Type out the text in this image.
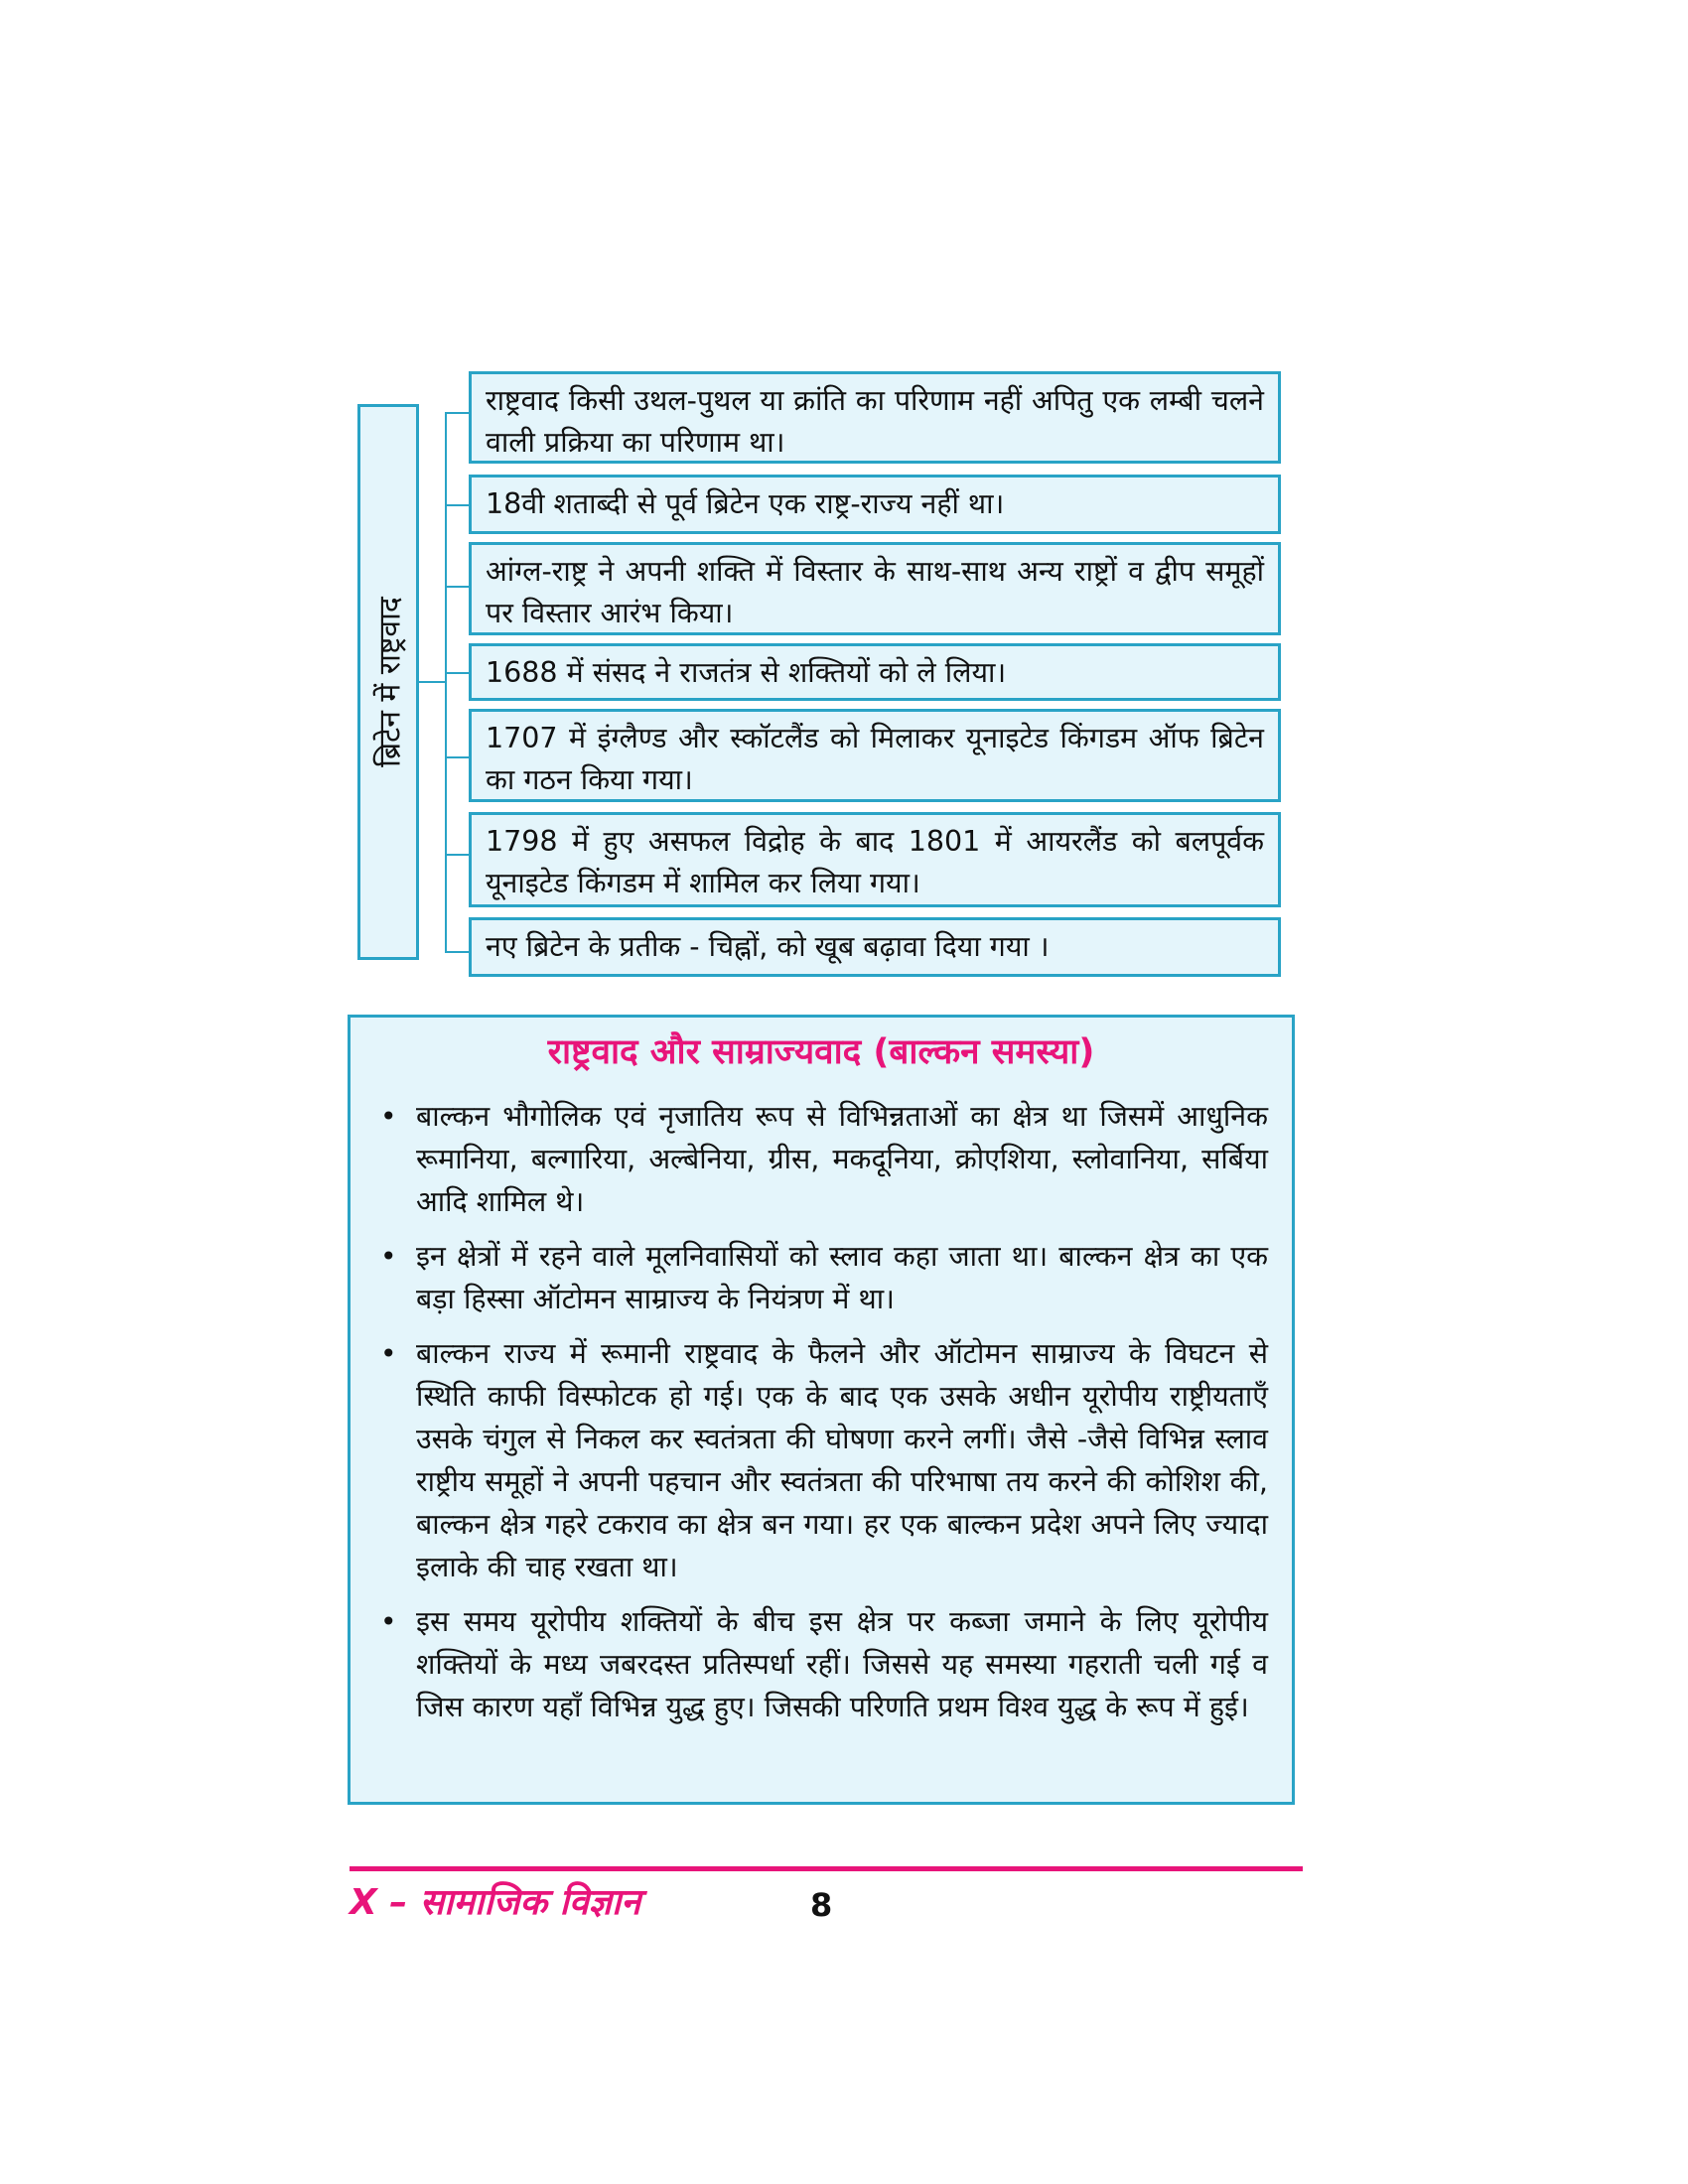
ब्रिटेन में राष्ट्रवाद
राष्ट्रवाद किसी उथल-पुथल या क्रांति का परिणाम नहीं अपितु एक लम्बी चलने वाली प्रक्रिया का परिणाम था।
18वी शताब्दी से पूर्व ब्रिटेन एक राष्ट्र-राज्य नहीं था।
आंग्ल-राष्ट्र ने अपनी शक्ति में विस्तार के साथ-साथ अन्य राष्ट्रों व द्वीप समूहों पर विस्तार आरंभ किया।
1688 में संसद ने राजतंत्र से शक्तियों को ले लिया।
1707 में इंग्लैण्ड और स्कॉटलैंड को मिलाकर यूनाइटेड किंगडम ऑफ ब्रिटेन का गठन किया गया।
1798 में हुए असफल विद्रोह के बाद 1801 में आयरलैंड को बलपूर्वक यूनाइटेड किंगडम में शामिल कर लिया गया।
नए ब्रिटेन के प्रतीक - चिह्नों, को खूब बढ़ावा दिया गया ।
राष्ट्रवाद और साम्राज्यवाद (बाल्कन समस्या)
• बाल्कन भौगोलिक एवं नृजातिय रूप से विभिन्नताओं का क्षेत्र था जिसमें आधुनिक रूमानिया, बल्गारिया, अल्बेनिया, ग्रीस, मकदूनिया, क्रोएशिया, स्लोवानिया, सर्बिया आदि शामिल थे।
• इन क्षेत्रों में रहने वाले मूलनिवासियों को स्लाव कहा जाता था। बाल्कन क्षेत्र का एक बड़ा हिस्सा ऑटोमन साम्राज्य के नियंत्रण में था।
• बाल्कन राज्य में रूमानी राष्ट्रवाद के फैलने और ऑटोमन साम्राज्य के विघटन से स्थिति काफी विस्फोटक हो गई। एक के बाद एक उसके अधीन यूरोपीय राष्ट्रीयताएँ उसके चंगुल से निकल कर स्वतंत्रता की घोषणा करने लगीं। जैसे -जैसे विभिन्न स्लाव राष्ट्रीय समूहों ने अपनी पहचान और स्वतंत्रता की परिभाषा तय करने की कोशिश की, बाल्कन क्षेत्र गहरे टकराव का क्षेत्र बन गया। हर एक बाल्कन प्रदेश अपने लिए ज्यादा इलाके की चाह रखता था।
• इस समय यूरोपीय शक्तियों के बीच इस क्षेत्र पर कब्जा जमाने के लिए यूरोपीय शक्तियों के मध्य जबरदस्त प्रतिस्पर्धा रहीं। जिससे यह समस्या गहराती चली गई व जिस कारण यहाँ विभिन्न युद्ध हुए। जिसकी परिणति प्रथम विश्व युद्ध के रूप में हुई।
X – सामाजिक विज्ञान	8
